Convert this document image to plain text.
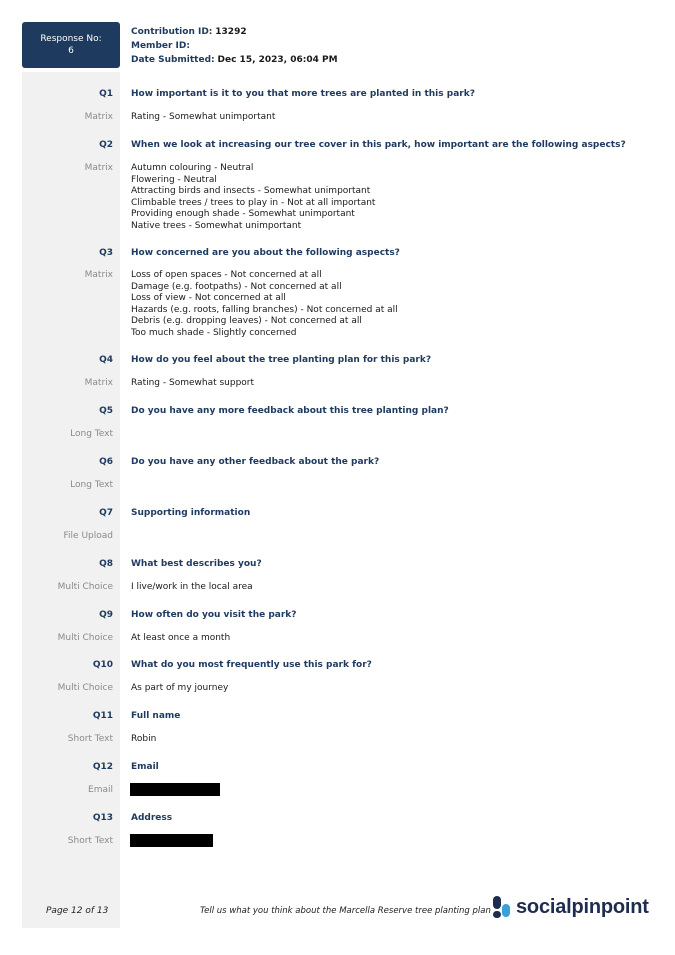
Response No:
6
Contribution ID: 13292
Member ID:
Date Submitted: Dec 15, 2023, 06:04 PM
Q1 How important is it to you that more trees are planted in this park?
Matrix Rating - Somewhat unimportant
Q2 When we look at increasing our tree cover in this park, how important are the following aspects?
Matrix Autumn colouring - Neutral
Flowering - Neutral
Attracting birds and insects - Somewhat unimportant
Climbable trees / trees to play in - Not at all important
Providing enough shade - Somewhat unimportant
Native trees - Somewhat unimportant
Q3 How concerned are you about the following aspects?
Matrix Loss of open spaces - Not concerned at all
Damage (e.g. footpaths) - Not concerned at all
Loss of view - Not concerned at all
Hazards (e.g. roots, falling branches) - Not concerned at all
Debris (e.g. dropping leaves) - Not concerned at all
Too much shade - Slightly concerned
Q4 How do you feel about the tree planting plan for this park?
Matrix Rating - Somewhat support
Q5 Do you have any more feedback about this tree planting plan?
Long Text
Q6 Do you have any other feedback about the park?
Long Text
Q7 Supporting information
File Upload
Q8 What best describes you?
Multi Choice I live/work in the local area
Q9 How often do you visit the park?
Multi Choice At least once a month
Q10 What do you most frequently use this park for?
Multi Choice As part of my journey
Q11 Full name
Short Text Robin
Q12 Email
Email
Q13 Address
Short Text
Page 12 of 13	Tell us what you think about the Marcella Reserve tree planting plan socialpinpoint
